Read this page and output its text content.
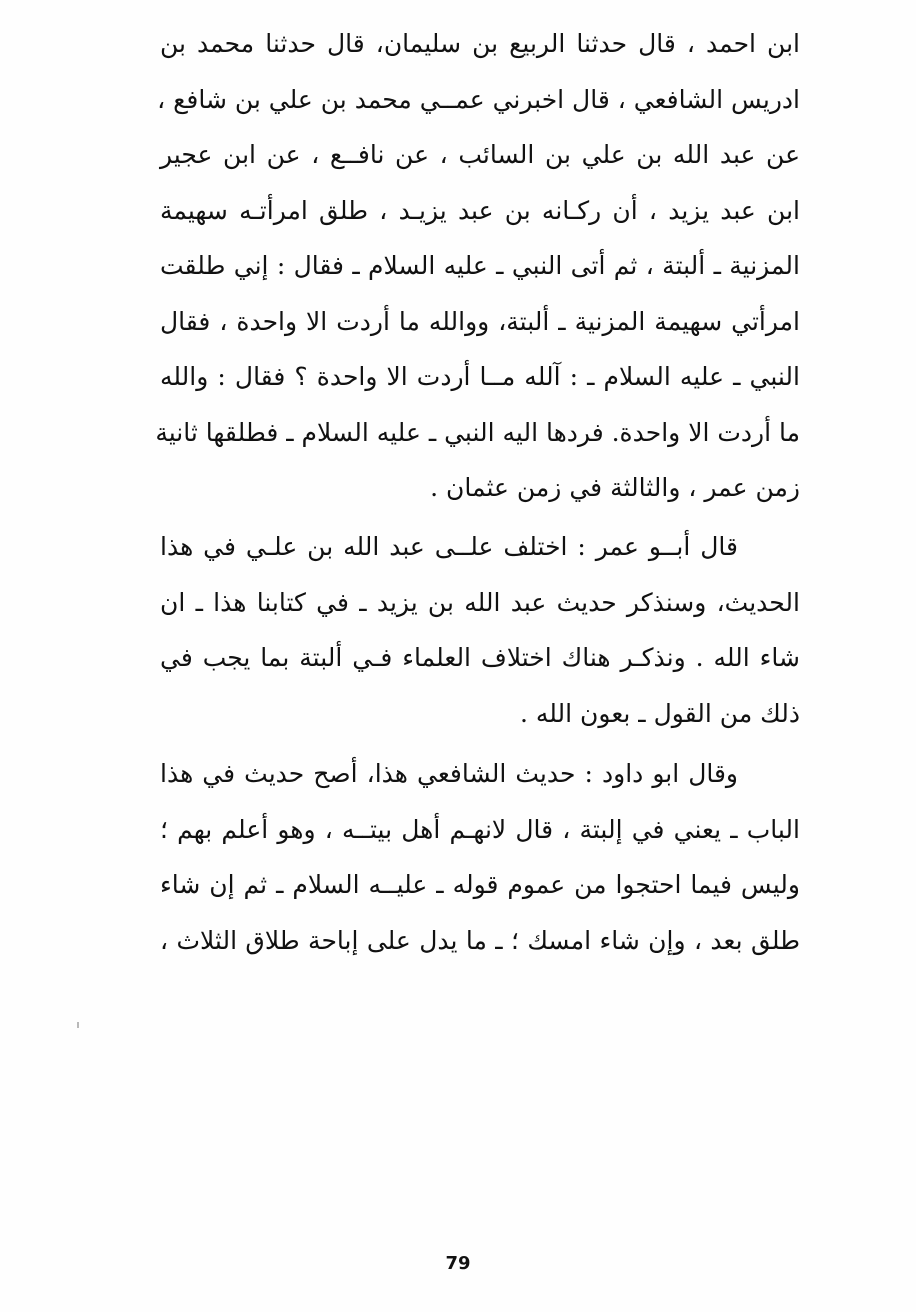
ابن احمد ، قال حدثنا الربيع بن سليمان، قال حدثنا محمد بن
ادريس الشافعي ، قال اخبرني عمــي محمد بن علي بن شافع ،
عن عبد الله بن علي بن السائب ، عن نافــع ، عن ابن عجير
ابن عبد يزيد ، أن ركـانه بن عبد يزيـد ، طلق امرأتـه سهيمة
المزنية ـ ألبتة ، ثم أتى النبي ـ عليه السلام ـ فقال : إني طلقت
امرأتي سهيمة المزنية ـ ألبتة، ووالله ما أردت الا واحدة ، فقال
النبي ـ عليه السلام ـ : آلله مــا أردت الا واحدة ؟ فقال : والله
ما أردت الا واحدة. فردها اليه النبي ـ عليه السلام ـ فطلقها ثانية
زمن عمر ، والثالثة في زمن عثمان .
قال أبــو عمر : اختلف علــى عبد الله بن علـي في هذا
الحديث، وسنذكر حديث عبد الله بن يزيد ـ في كتابنا هذا ـ ان
شاء الله . ونذكـر هناك اختلاف العلماء فـي ألبتة بما يجب في
ذلك من القول ـ بعون الله .
وقال ابو داود : حديث الشافعي هذا، أصح حديث في هذا
الباب ـ يعني في إلبتة ، قال لانهـم أهل بيتــه ، وهو أعلم بهم ؛
وليس فيما احتجوا من عموم قوله ـ عليــه السلام ـ ثم إن شاء
طلق بعد ، وإن شاء امسك ؛ ـ ما يدل على إباحة طلاق الثلاث ،
79
